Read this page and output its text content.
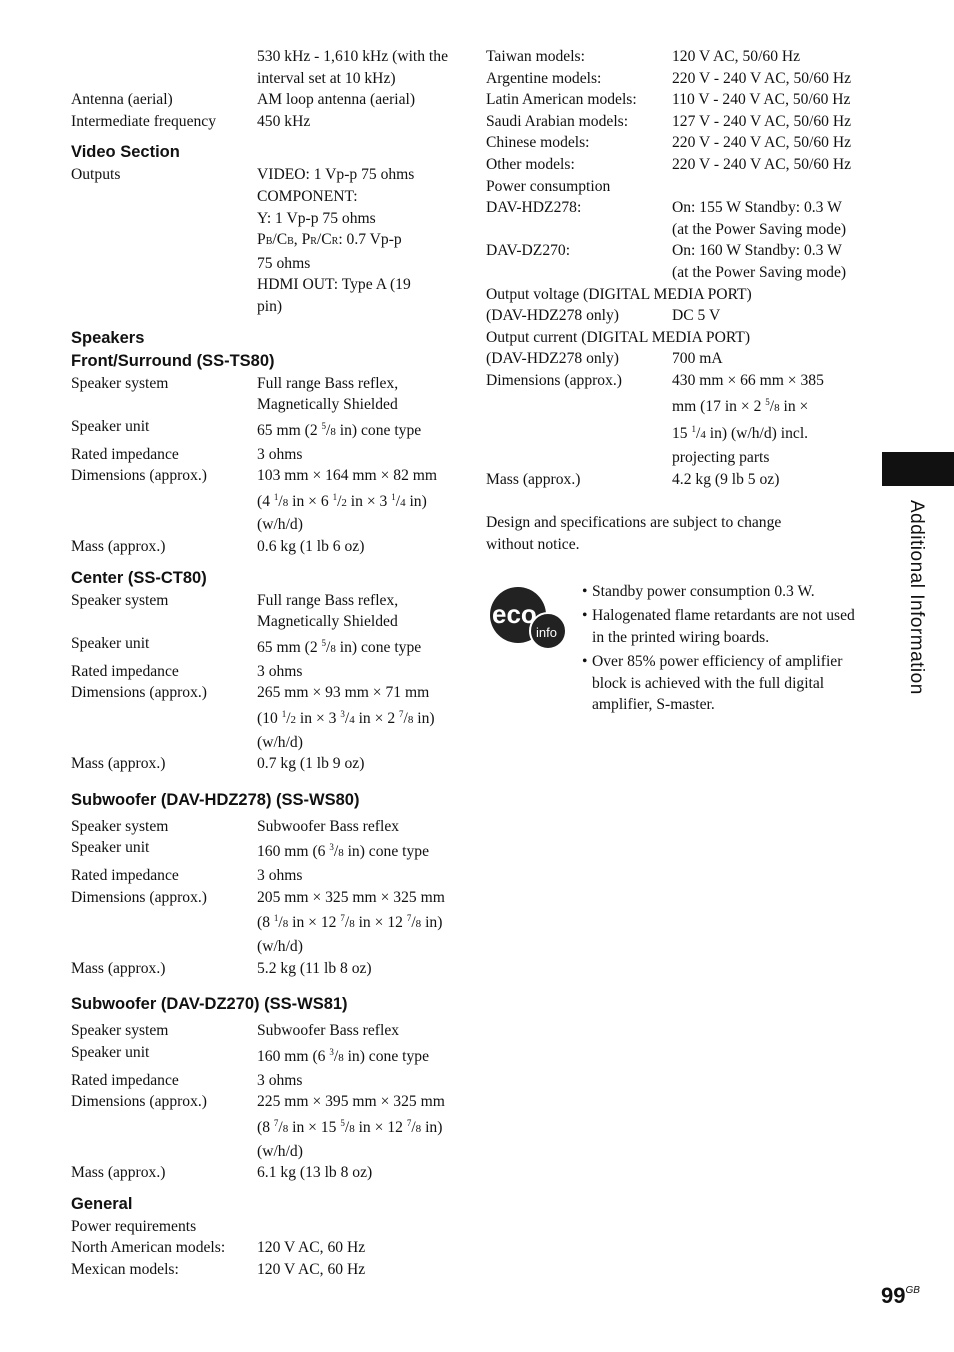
530 kHz - 1,610 kHz (with the interval set at 10 kHz)
Antenna (aerial)	AM loop antenna (aerial)
Intermediate frequency	450 kHz
Video Section
Outputs	VIDEO: 1 Vp-p 75 ohms
COMPONENT:
Y: 1 Vp-p 75 ohms
PB/CB, PR/CR: 0.7 Vp-p
75 ohms
HDMI OUT: Type A (19
pin)
Speakers
Front/Surround (SS-TS80)
Speaker system	Full range Bass reflex, Magnetically Shielded
Speaker unit	65 mm (2 $^5$/8 in) cone type
Rated impedance	3 ohms
Dimensions (approx.)	103 mm × 164 mm × 82 mm (4 $^1$/8 in × 6 $^1$/2 in × 3 $^1$/4 in) (w/h/d)
Mass (approx.)	0.6 kg (1 lb 6 oz)
Center (SS-CT80)
Speaker system	Full range Bass reflex, Magnetically Shielded
Speaker unit	65 mm (2 $^5$/8 in) cone type
Rated impedance	3 ohms
Dimensions (approx.)	265 mm × 93 mm × 71 mm (10 $^1$/2 in × 3 $^3$/4 in × 2 $^7$/8 in) (w/h/d)
Mass (approx.)	0.7 kg (1 lb 9 oz)
Subwoofer (DAV-HDZ278) (SS-WS80)
Speaker system	Subwoofer Bass reflex
Speaker unit	160 mm (6 $^3$/8 in) cone type
Rated impedance	3 ohms
Dimensions (approx.)	205 mm × 325 mm × 325 mm (8 $^1$/8 in × 12 $^7$/8 in × 12 $^7$/8 in) (w/h/d)
Mass (approx.)	5.2 kg (11 lb 8 oz)
Subwoofer (DAV-DZ270) (SS-WS81)
Speaker system	Subwoofer Bass reflex
Speaker unit	160 mm (6 $^3$/8 in) cone type
Rated impedance	3 ohms
Dimensions (approx.)	225 mm × 395 mm × 325 mm (8 $^7$/8 in × 15 $^5$/8 in × 12 $^7$/8 in) (w/h/d)
Mass (approx.)	6.1 kg (13 lb 8 oz)
General
Power requirements
North American models:	120 V AC, 60 Hz
Mexican models:	120 V AC, 60 Hz
Taiwan models:	120 V AC, 50/60 Hz
Argentine models:	220 V - 240 V AC, 50/60 Hz
Latin American models:	110 V - 240 V AC, 50/60 Hz
Saudi Arabian models:	127 V - 240 V AC, 50/60 Hz
Chinese models:	220 V - 240 V AC, 50/60 Hz
Other models:	220 V - 240 V AC, 50/60 Hz
Power consumption
DAV-HDZ278:	On: 155 W Standby: 0.3 W (at the Power Saving mode)
DAV-DZ270:	On: 160 W Standby: 0.3 W (at the Power Saving mode)
Output voltage (DIGITAL MEDIA PORT)
(DAV-HDZ278 only)	DC 5 V
Output current (DIGITAL MEDIA PORT)
(DAV-HDZ278 only)	700 mA
Dimensions (approx.)	430 mm × 66 mm × 385
mm (17 in × 2 $^5$/8 in ×
15 $^1$/4 in) (w/h/d) incl.
projecting parts
Mass (approx.)	4.2 kg (9 lb 5 oz)
Design and specifications are subject to change without notice.
eco
info
• Standby power consumption 0.3 W.
• Halogenated flame retardants are not used in the printed wiring boards.
• Over 85% power efficiency of amplifier block is achieved with the full digital amplifier, S-master.
Additional Information
$99^{GB}$
